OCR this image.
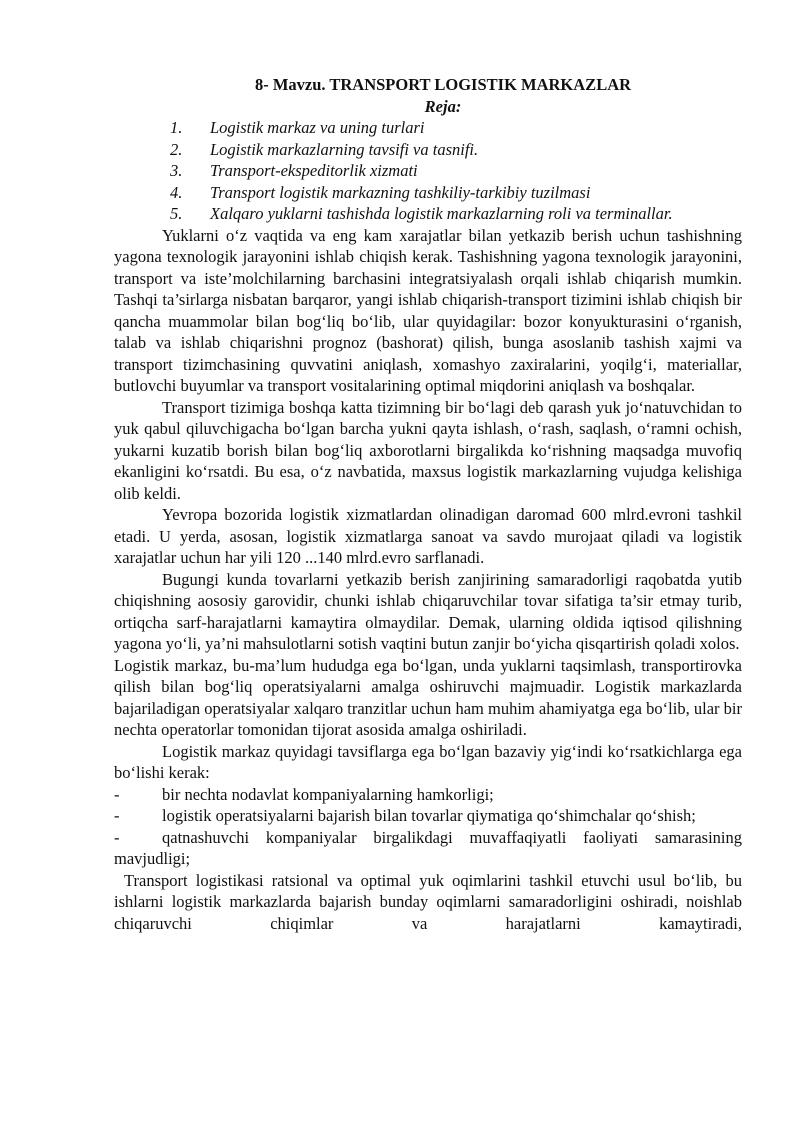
8- Mavzu. TRANSPORT LOGISTIK MARKAZLAR
Reja:
1.	Logistik markaz va uning turlari
2.	Logistik markazlarning tavsifi va tasnifi.
3.	Transport-ekspeditorlik xizmati
4.	Transport logistik markazning tashkiliy-tarkibiy tuzilmasi
5.	Xalqaro yuklarni tashishda logistik markazlarning roli va terminallar.

Yuklarni o‘z vaqtida va eng kam xarajatlar bilan yetkazib berish uchun tashishning yagona texnologik jarayonini ishlab chiqish kerak. Tashishning yagona texnologik jarayonini, transport va iste’molchilarning barchasini integratsiyalash orqali ishlab chiqarish mumkin. Tashqi ta’sirlarga nisbatan barqaror, yangi ishlab chiqarish-transport tizimini ishlab chiqish bir qancha muammolar bilan bog‘liq bo‘lib, ular quyidagilar: bozor konyukturasini o‘rganish, talab va ishlab chiqarishni prognoz (bashorat) qilish, bunga asoslanib tashish xajmi va transport tizimchasining quvvatini aniqlash, xomashyo zaxiralarini, yoqilg‘i, materiallar, butlovchi buyumlar va transport vositalarining optimal miqdorini aniqlash va boshqalar.

Transport tizimiga boshqa katta tizimning bir bo‘lagi deb qarash yuk jo‘natuvchidan to yuk qabul qiluvchigacha bo‘lgan barcha yukni qayta ishlash, o‘rash, saqlash, o‘ramni ochish, yukarni kuzatib borish bilan bog‘liq axborotlarni birgalikda ko‘rishning maqsadga muvofiq ekanligini ko‘rsatdi. Bu esa, o‘z navbatida, maxsus logistik markazlarning vujudga kelishiga olib keldi.

Yevropa bozorida logistik xizmatlardan olinadigan daromad 600 mlrd.evroni tashkil etadi. U yerda, asosan, logistik xizmatlarga sanoat va savdo murojaat qiladi va logistik xarajatlar uchun har yili 120 ...140 mlrd.evro sarflanadi.

Bugungi kunda tovarlarni yetkazib berish zanjirining samaradorligi raqobatda yutib chiqishning aososiy garovidir, chunki ishlab chiqaruvchilar tovar sifatiga ta’sir etmay turib, ortiqcha sarf-harajatlarni kamaytira olmaydilar. Demak, ularning oldida iqtisod qilishning yagona yo‘li, ya’ni mahsulotlarni sotish vaqtini butun zanjir bo‘yicha qisqartirish qoladi xolos.

Logistik markaz, bu-ma’lum hududga ega bo‘lgan, unda yuklarni taqsimlash, transportirovka qilish bilan bog‘liq operatsiyalarni amalga oshiruvchi majmuadir. Logistik markazlarda bajariladigan operatsiyalar xalqaro tranzitlar uchun ham muhim ahamiyatga ega bo‘lib, ular bir nechta operatorlar tomonidan tijorat asosida amalga oshiriladi.

Logistik markaz quyidagi tavsiflarga ega bo‘lgan bazaviy yig‘indi ko‘rsatkichlarga ega bo‘lishi kerak:

-	bir nechta nodavlat kompaniyalarning hamkorligi;

-	logistik operatsiyalarni bajarish bilan tovarlar qiymatiga qo‘shimchalar qo‘shish;

-	qatnashuvchi kompaniyalar birgalikdagi muvaffaqiyatli faoliyati samarasining mavjudligi;

Transport logistikasi ratsional va optimal yuk oqimlarini tashkil etuvchi usul bo‘lib, bu ishlarni logistik markazlarda bajarish bunday oqimlarni samaradorligini oshiradi, noishlab chiqaruvchi chiqimlar va harajatlarni kamaytiradi,
